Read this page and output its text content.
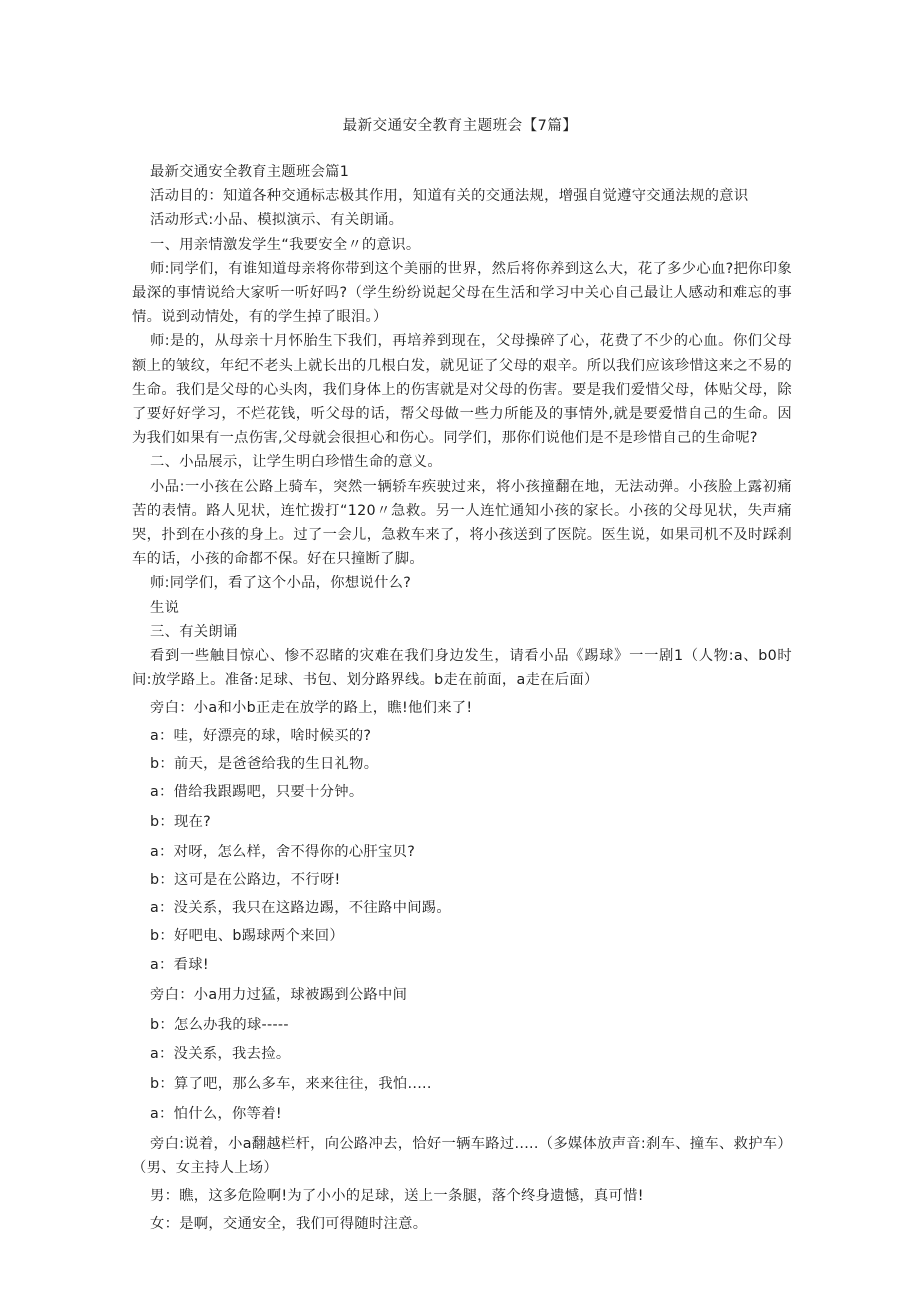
最新交通安全教育主题班会【7篇】

最新交通安全教育主题班会篇1

活动目的：知道各种交通标志极其作用，知道有关的交通法规，增强自觉遵守交通法规的意识

活动形式:小品、模拟演示、有关朗诵。

一、用亲情激发学生“我要安全〃的意识。

师:同学们，有谁知道母亲将你带到这个美丽的世界，然后将你养到这么大，花了多少心血?把你印象最深的事情说给大家听一听好吗?（学生纷纷说起父母在生活和学习中关心自己最让人感动和难忘的事情。说到动情处，有的学生掉了眼泪。）

师:是的，从母亲十月怀胎生下我们，再培养到现在，父母操碎了心，花费了不少的心血。你们父母额上的皱纹，年纪不老头上就长出的几根白发，就见证了父母的艰辛。所以我们应该珍惜这来之不易的生命。我们是父母的心头肉，我们身体上的伤害就是对父母的伤害。要是我们爱惜父母，体贴父母，除了要好好学习，不烂花钱，听父母的话，帮父母做一些力所能及的事情外,就是要爱惜自己的生命。因为我们如果有一点伤害,父母就会很担心和伤心。同学们，那你们说他们是不是珍惜自己的生命呢?

二、小品展示，让学生明白珍惜生命的意义。

小品:一小孩在公路上骑车，突然一辆轿车疾驶过来，将小孩撞翻在地，无法动弹。小孩脸上露初痛苦的表情。路人见状，连忙拨打“120〃急救。另一人连忙通知小孩的家长。小孩的父母见状，失声痛哭，扑到在小孩的身上。过了一会儿，急救车来了，将小孩送到了医院。医生说，如果司机不及时踩刹车的话，小孩的命都不保。好在只撞断了脚。

师:同学们，看了这个小品，你想说什么?

生说

三、有关朗诵

看到一些触目惊心、惨不忍睹的灾难在我们身边发生，请看小品《踢球》一一剧1（人物:a、b0时间:放学路上。准备:足球、书包、划分路界线。b走在前面，a走在后面）

旁白：小a和小b正走在放学的路上，瞧!他们来了!

a：哇，好漂亮的球，啥时候买的?

b：前天，是爸爸给我的生日礼物。

a：借给我跟踢吧，只要十分钟。

b：现在?

a：对呀，怎么样，舍不得你的心肝宝贝?

b：这可是在公路边，不行呀!

a：没关系，我只在这路边踢，不往路中间踢。

b：好吧电、b踢球两个来回）

a：看球!

旁白：小a用力过猛，球被踢到公路中间

b：怎么办我的球-----

a：没关系，我去捡。

b：算了吧，那么多车，来来往往，我怕.....

a：怕什么，你等着!

旁白:说着，小a翻越栏杆，向公路冲去，恰好一辆车路过.....（多媒体放声音:刹车、撞车、救护车）（男、女主持人上场）

男：瞧，这多危险啊!为了小小的足球，送上一条腿，落个终身遗憾，真可惜!

女：是啊，交通安全，我们可得随时注意。
